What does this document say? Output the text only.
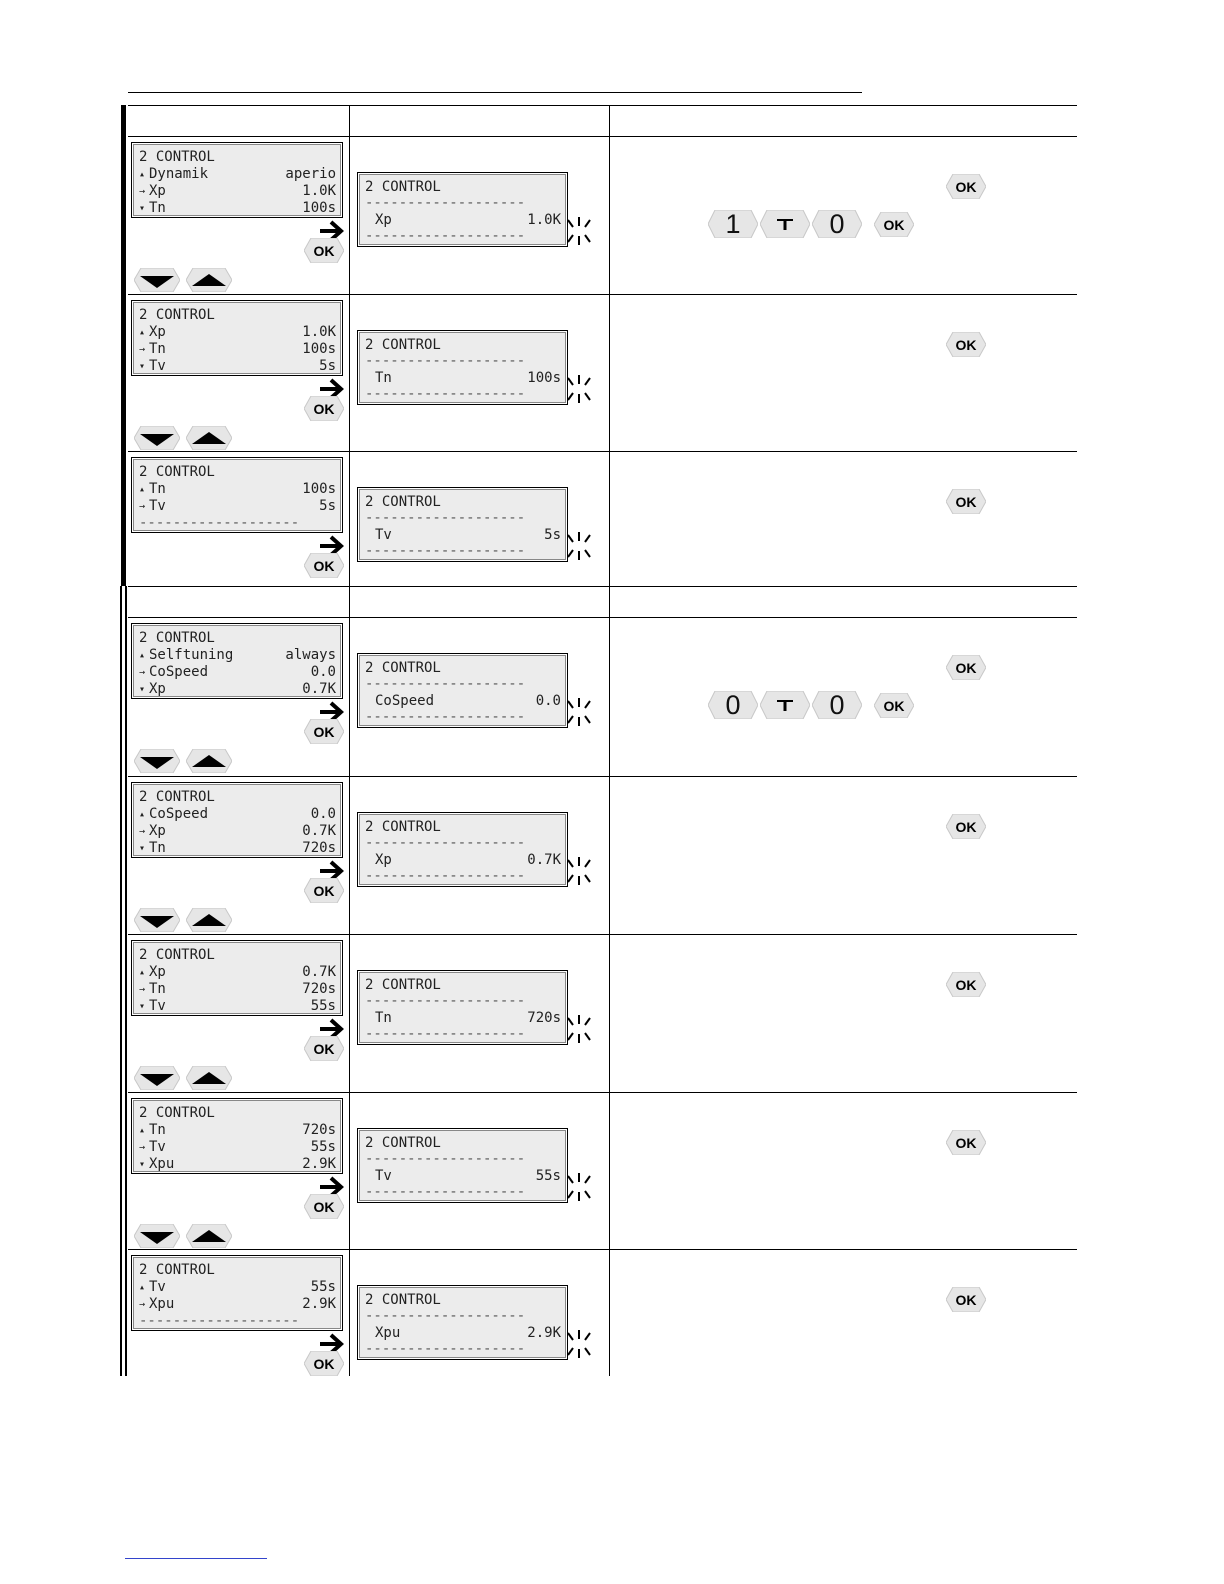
2 CONTROL
▴ Dynamik	aperio
→ Xp	1.0K
▾ Tn	100s
OK
2 CONTROL
-------------------
Xp	1.0K
-------------------
OK
1	0	OK
2 CONTROL
▴ Xp	1.0K
→ Tn	100s
▾ Tv	5s
OK
2 CONTROL
-------------------
Tn	100s
-------------------
OK
2 CONTROL
▴ Tn	100s
→ Tv	5s
-------------------
OK
2 CONTROL
-------------------
Tv	5s
-------------------
OK
2 CONTROL
▴ Selftuning	always
→ CoSpeed	0.0
▾ Xp	0.7K
OK
2 CONTROL
-------------------
CoSpeed	0.0
-------------------
OK
0	0	OK
2 CONTROL
▴ CoSpeed	0.0
→ Xp	0.7K
▾ Tn	720s
OK
2 CONTROL
-------------------
Xp	0.7K
-------------------
OK
2 CONTROL
▴ Xp	0.7K
→ Tn	720s
▾ Tv	55s
OK
2 CONTROL
-------------------
Tn	720s
-------------------
OK
2 CONTROL
▴ Tn	720s
→ Tv	55s
▾ Xpu	2.9K
OK
2 CONTROL
-------------------
Tv	55s
-------------------
OK
2 CONTROL
▴ Tv	55s
→ Xpu	2.9K
-------------------
OK
2 CONTROL
-------------------
Xpu	2.9K
-------------------
OK
